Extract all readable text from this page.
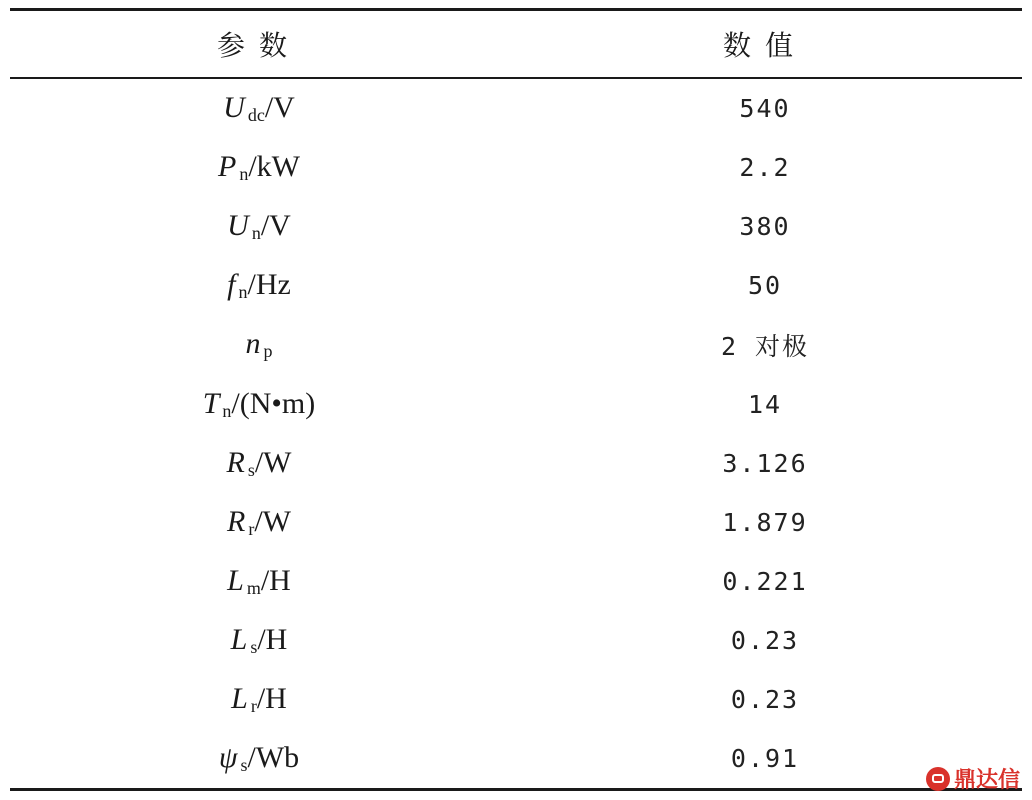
参数	数值
Udc/V	540
Pn/kW	2.2
Un/V	380
fn/Hz	50
np	2 对极
Tn/(N•m)	14
Rs/W	3.126
Rr/W	1.879
Lm/H	0.221
Ls/H	0.23
Lr/H	0.23
ψs/Wb	0.91
鼎达信
